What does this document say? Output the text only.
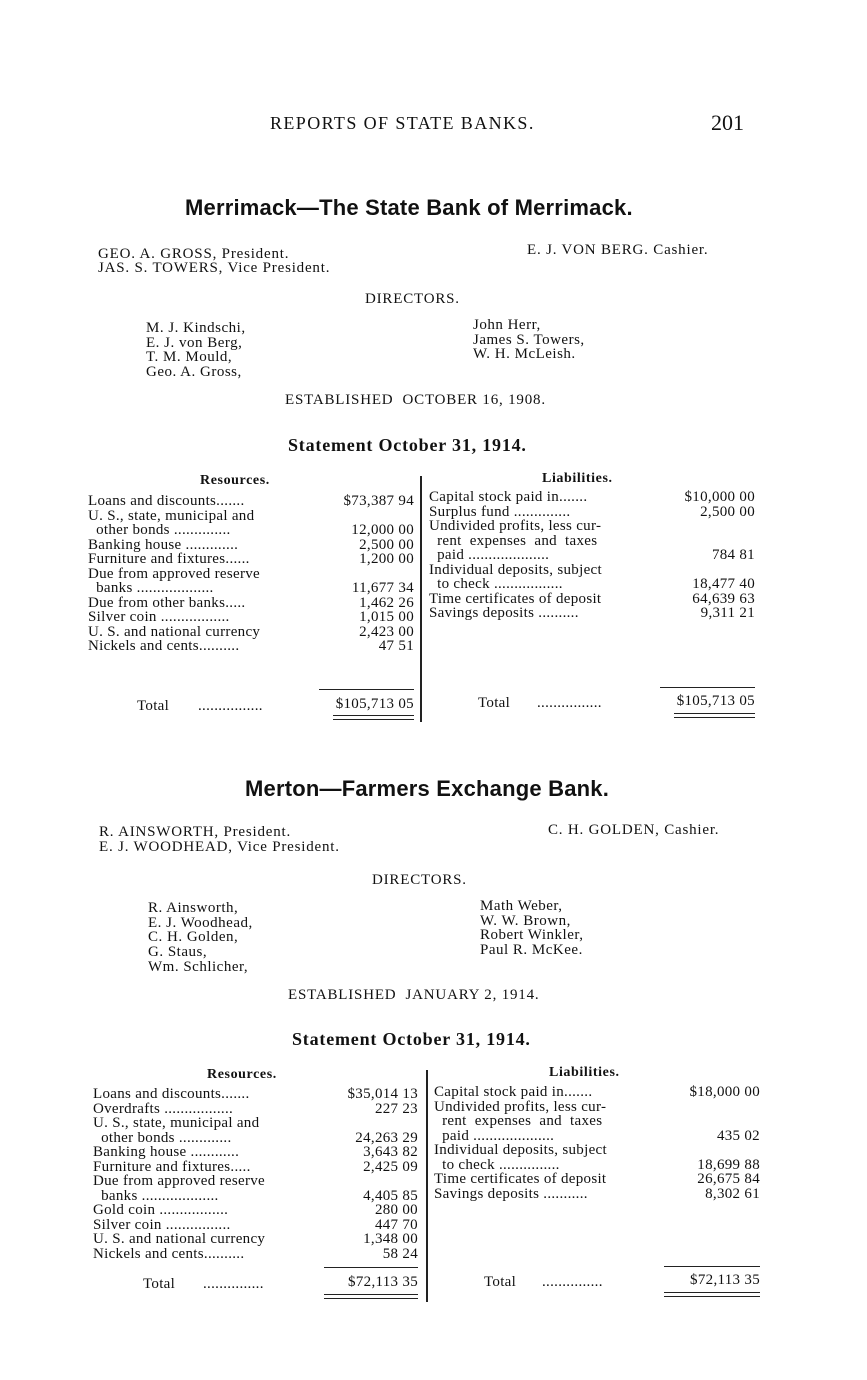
REPORTS OF STATE BANKS.	201
Merrimack—The State Bank of Merrimack.
GEO. A. GROSS, President.
JAS. S. TOWERS, Vice President.
E. J. VON BERG. Cashier.
DIRECTORS.
M. J. Kindschi,
E. J. von Berg,
T. M. Mould,
Geo. A. Gross,
John Herr,
James S. Towers,
W. H. McLeish.
ESTABLISHED  OCTOBER 16, 1908.
Statement October 31, 1914.
Resources.	Liabilities.
Loans and discounts.......	$73,387 94
U. S., state, municipal and
other bonds ..............	12,000 00
Banking house .............	2,500 00
Furniture and fixtures......	1,200 00
Due from approved reserve
banks ...................	11,677 34
Due from other banks.....	1,462 26
Silver coin .................	1,015 00
U. S. and national currency	2,423 00
Nickels and cents..........	47 51
Capital stock paid in.......	$10,000 00
Surplus fund ..............	2,500 00
Undivided profits, less cur-
rent  expenses  and  taxes
paid ....................	784 81
Individual deposits, subject
to check .................	18,477 40
Time certificates of deposit	64,639 63
Savings deposits ..........	9,311 21
Total ................	$105,713 05	Total ................	$105,713 05
Merton—Farmers Exchange Bank.
R. AINSWORTH, President.
E. J. WOODHEAD, Vice President.
C. H. GOLDEN, Cashier.
DIRECTORS.
R. Ainsworth,
E. J. Woodhead,
C. H. Golden,
G. Staus,
Wm. Schlicher,
Math Weber,
W. W. Brown,
Robert Winkler,
Paul R. McKee.
ESTABLISHED  JANUARY 2, 1914.
Statement October 31, 1914.
Resources.	Liabilities.
Loans and discounts.......	$35,014 13
Overdrafts .................	227 23
U. S., state, municipal and
other bonds .............	24,263 29
Banking house ............	3,643 82
Furniture and fixtures.....	2,425 09
Due from approved reserve
banks ...................	4,405 85
Gold coin .................	280 00
Silver coin ................	447 70
U. S. and national currency	1,348 00
Nickels and cents..........	58 24
Capital stock paid in.......	$18,000 00
Undivided profits, less cur-
rent  expenses  and  taxes
paid ....................	435 02
Individual deposits, subject
to check ...............	18,699 88
Time certificates of deposit	26,675 84
Savings deposits ...........	8,302 61
Total ...............	$72,113 35	Total ...............	$72,113 35
